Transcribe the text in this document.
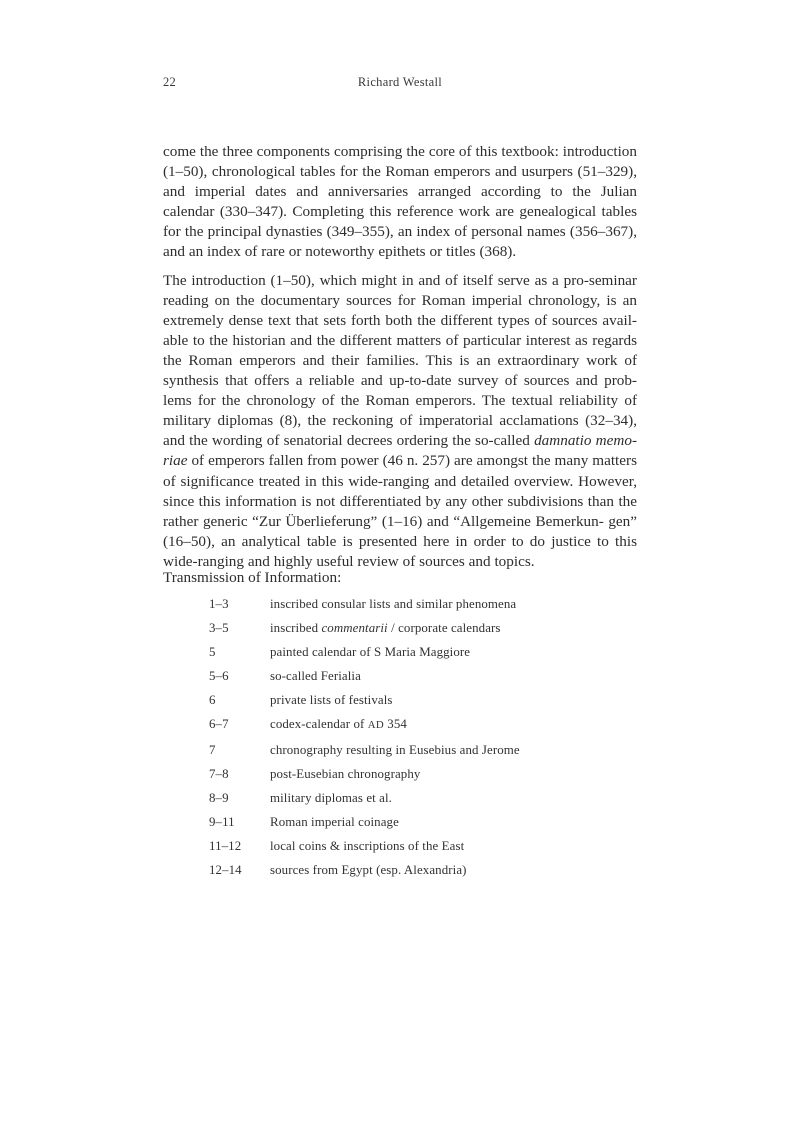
22	Richard Westall

come the three components comprising the core of this textbook: introduction (1–50), chronological tables for the Roman emperors and usurpers (51–329), and imperial dates and anniversaries arranged according to the Julian calendar (330–347). Completing this reference work are genealogical tables for the principal dynasties (349–355), an index of personal names (356–367), and an index of rare or noteworthy epithets or titles (368).

The introduction (1–50), which might in and of itself serve as a pro-seminar reading on the documentary sources for Roman imperial chronology, is an extremely dense text that sets forth both the different types of sources avail- able to the historian and the different matters of particular interest as regards the Roman emperors and their families. This is an extraordinary work of synthesis that offers a reliable and up-to-date survey of sources and prob- lems for the chronology of the Roman emperors. The textual reliability of military diplomas (8), the reckoning of imperatorial acclamations (32–34), and the wording of senatorial decrees ordering the so-called damnatio memo-riae of emperors fallen from power (46 n. 257) are amongst the many matters of significance treated in this wide-ranging and detailed overview. However, since this information is not differentiated by any other subdivisions than the rather generic “Zur Überlieferung” (1–16) and “Allgemeine Bemerkun- gen” (16–50), an analytical table is presented here in order to do justice to this wide-ranging and highly useful review of sources and topics.

Transmission of Information:
1–3	inscribed consular lists and similar phenomena
3–5	inscribed commentarii / corporate calendars
5	painted calendar of S Maria Maggiore
5–6	so-called Ferialia
6	private lists of festivals
6–7	codex-calendar of AD 354
7	chronography resulting in Eusebius and Jerome
7–8	post-Eusebian chronography
8–9	military diplomas et al.
9–11	Roman imperial coinage
11–12	local coins & inscriptions of the East
12–14	sources from Egypt (esp. Alexandria)
